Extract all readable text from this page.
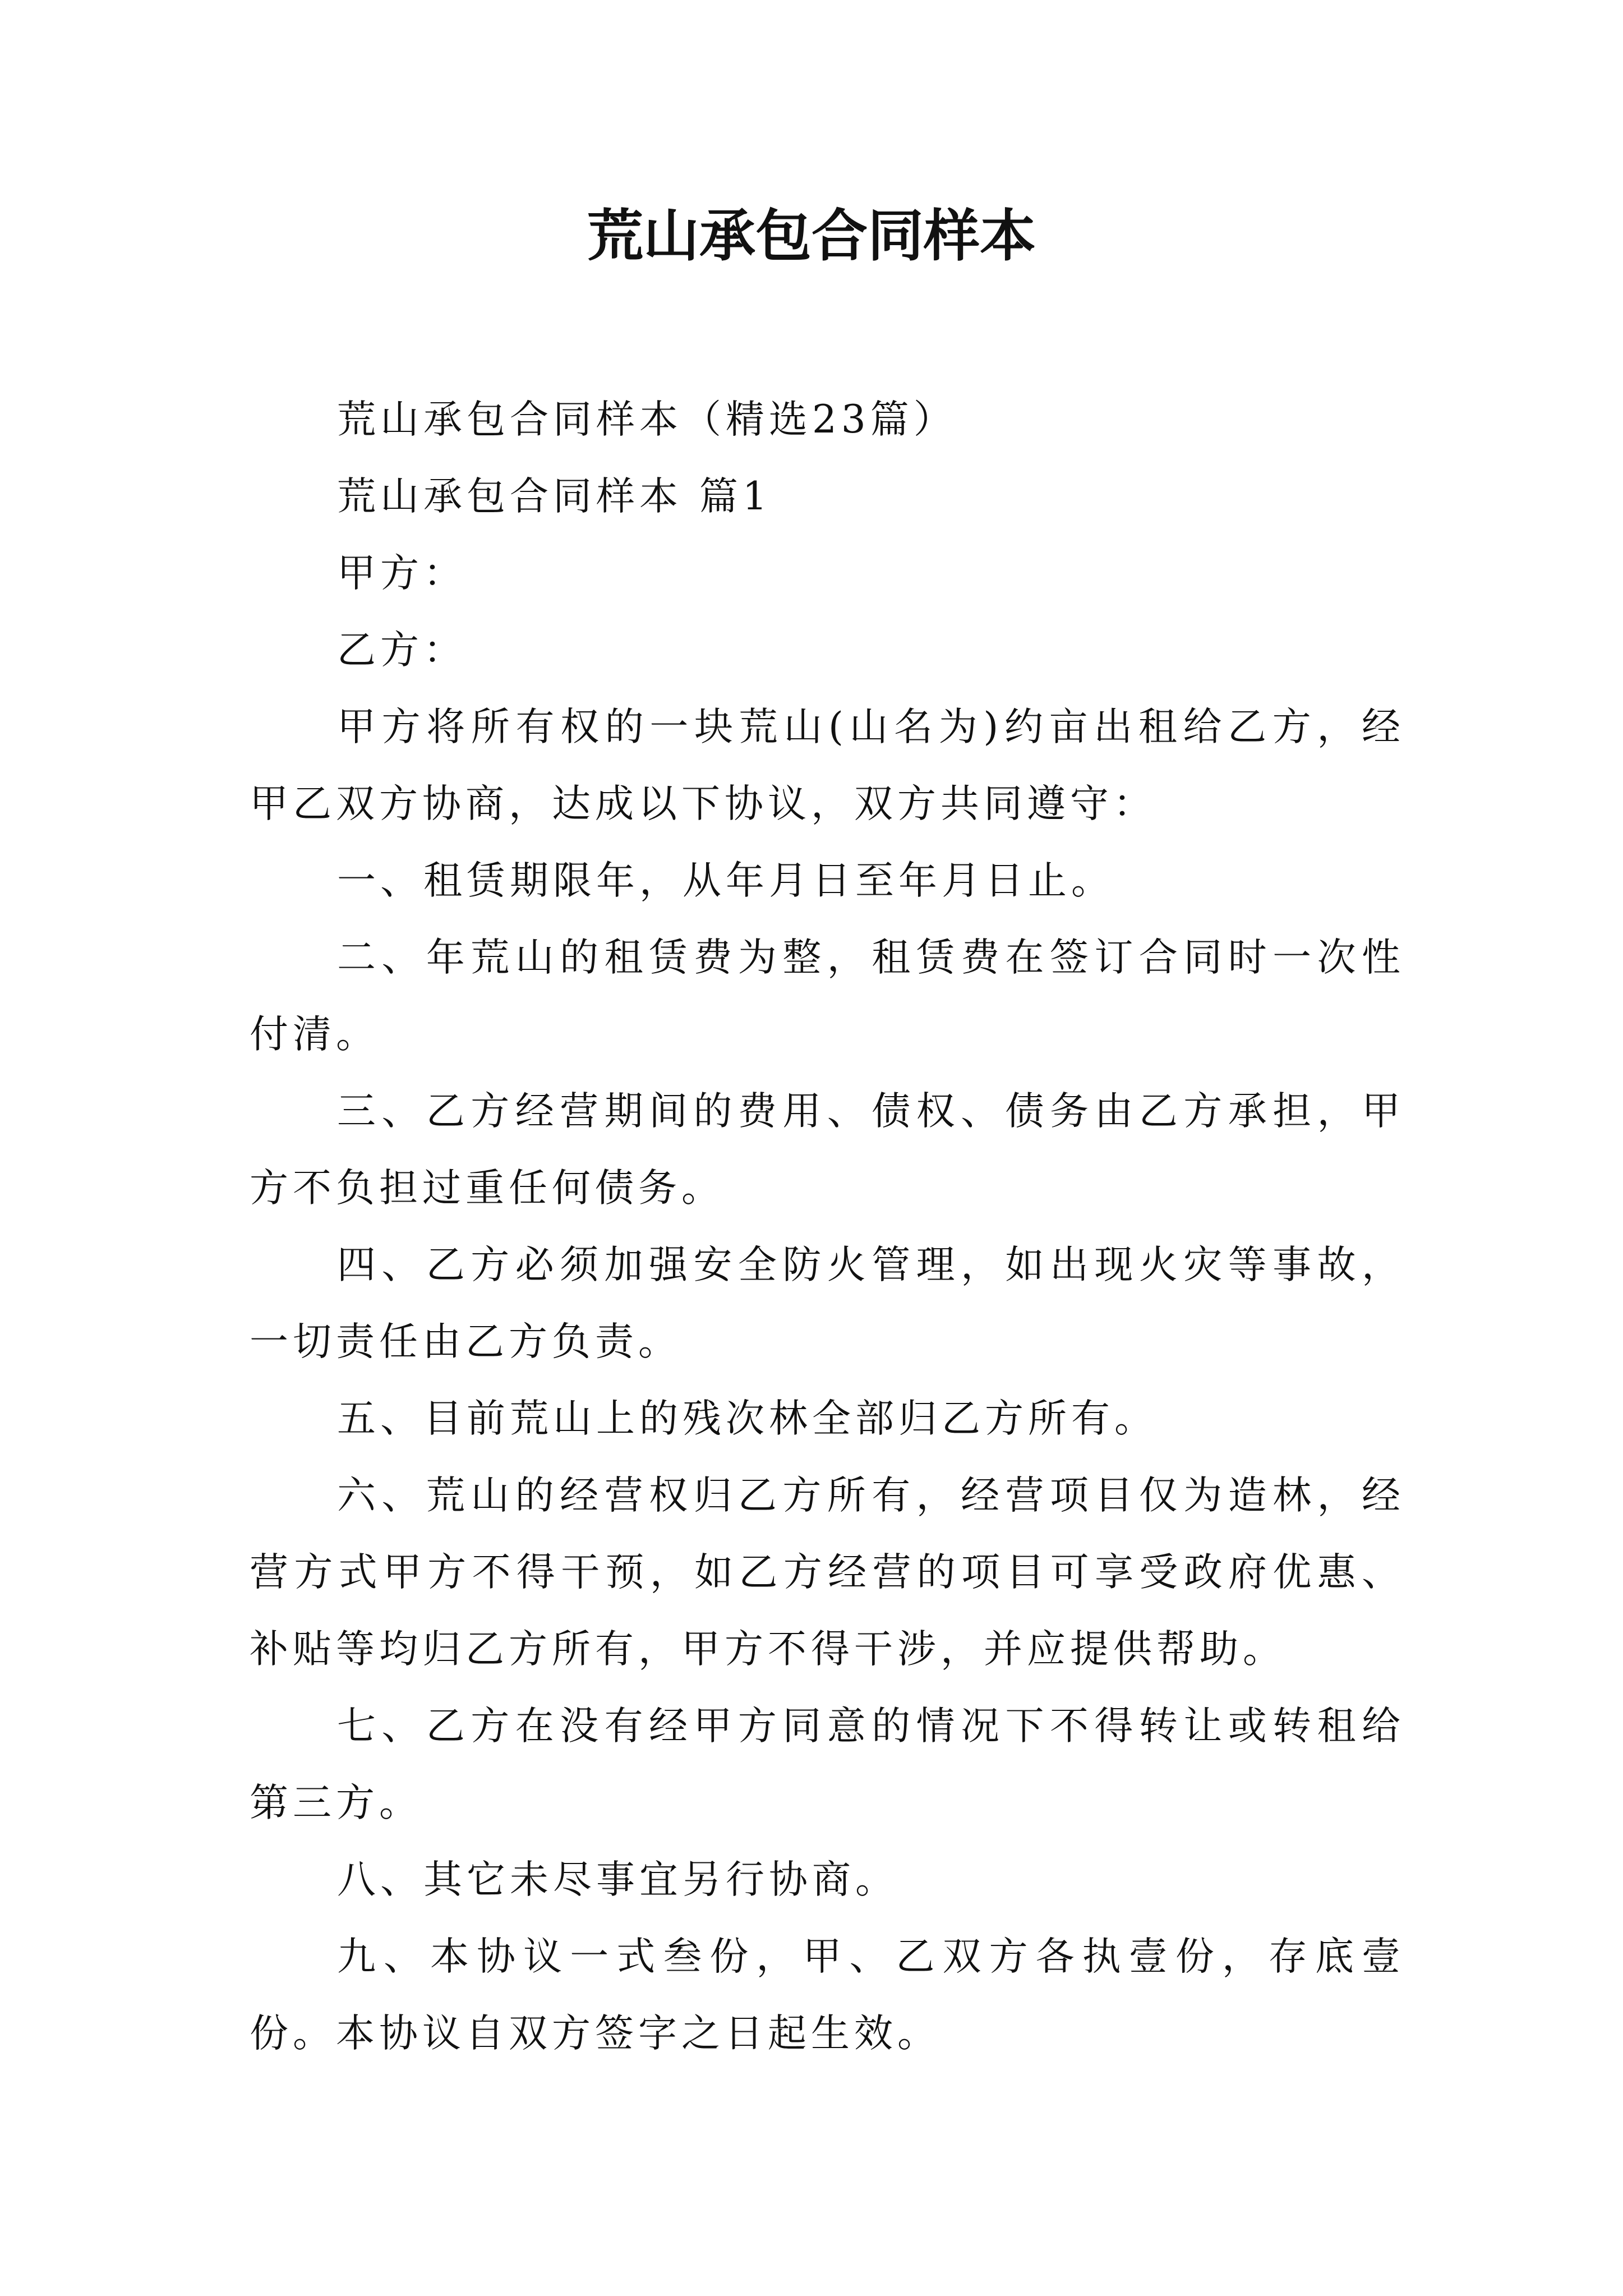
荒山承包合同样本

荒山承包合同样本（精选23篇）

荒山承包合同样本 篇1

甲方：

乙方：

甲方将所有权的一块荒山(山名为)约亩出租给乙方，经甲乙双方协商，达成以下协议，双方共同遵守：

一、租赁期限年，从年月日至年月日止。

二、年荒山的租赁费为整，租赁费在签订合同时一次性付清。

三、乙方经营期间的费用、债权、债务由乙方承担，甲方不负担过重任何债务。

四、乙方必须加强安全防火管理，如出现火灾等事故，一切责任由乙方负责。

五、目前荒山上的残次林全部归乙方所有。

六、荒山的经营权归乙方所有，经营项目仅为造林，经营方式甲方不得干预，如乙方经营的项目可享受政府优惠、补贴等均归乙方所有，甲方不得干涉，并应提供帮助。

七、乙方在没有经甲方同意的情况下不得转让或转租给第三方。

八、其它未尽事宜另行协商。

九、本协议一式叁份，甲、乙双方各执壹份，存底壹份。本协议自双方签字之日起生效。
